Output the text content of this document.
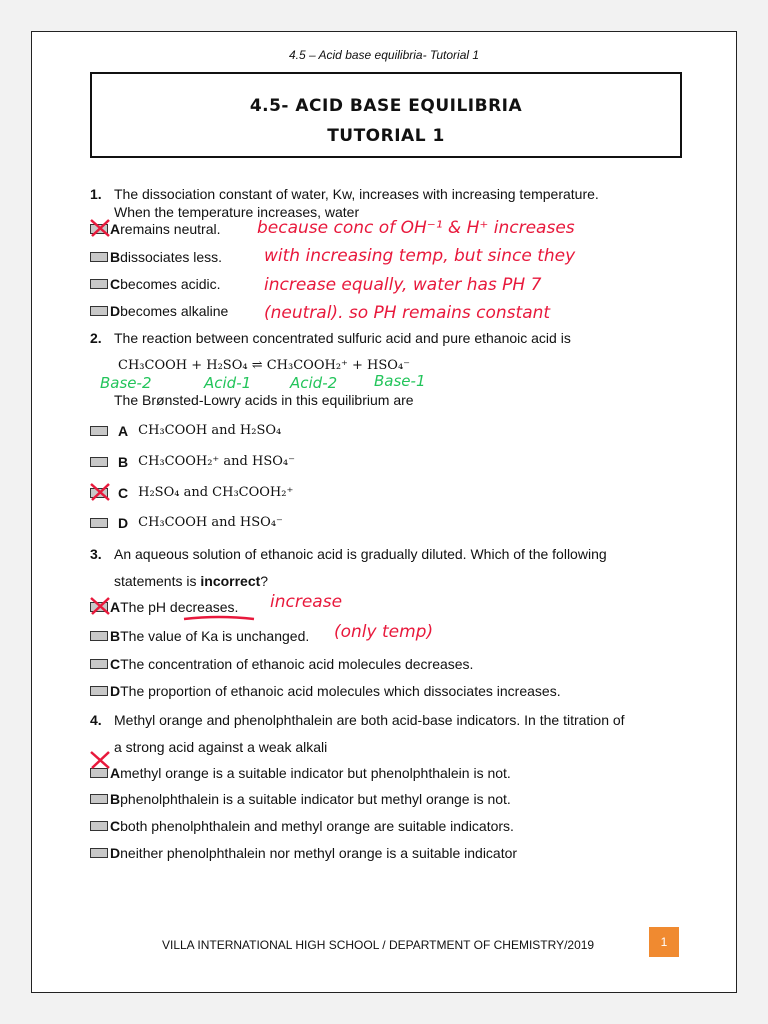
4.5 – Acid base equilibria- Tutorial 1
4.5- ACID BASE EQUILIBRIA
TUTORIAL 1
1. The dissociation constant of water, Kw, increases with increasing temperature.
When the temperature increases, water
A remains neutral.
B dissociates less.
C becomes acidic.
D becomes alkaline
because conc of OH⁻¹ & H⁺ increases
with increasing temp, but since they
increase equally, water has PH 7
(neutral). so PH remains constant
2. The reaction between concentrated sulfuric acid and pure ethanoic acid is
CH₃COOH + H₂SO₄ ⇌ CH₃COOH₂⁺ + HSO₄⁻
Base-2	Acid-1	Acid-2 Base-1
The Brønsted-Lowry acids in this equilibrium are
A CH₃COOH and H₂SO₄
B CH₃COOH₂⁺ and HSO₄⁻
C H₂SO₄ and CH₃COOH₂⁺
D CH₃COOH and HSO₄⁻
3. An aqueous solution of ethanoic acid is gradually diluted. Which of the following
statements is incorrect?
A The pH decreases.
B The value of Ka is unchanged.
C The concentration of ethanoic acid molecules decreases.
D The proportion of ethanoic acid molecules which dissociates increases.
increase
(only temp)
4. Methyl orange and phenolphthalein are both acid-base indicators. In the titration of
a strong acid against a weak alkali
A methyl orange is a suitable indicator but phenolphthalein is not.
B phenolphthalein is a suitable indicator but methyl orange is not.
C both phenolphthalein and methyl orange are suitable indicators.
D neither phenolphthalein nor methyl orange is a suitable indicator
VILLA INTERNATIONAL HIGH SCHOOL / DEPARTMENT OF CHEMISTRY/2019	1
